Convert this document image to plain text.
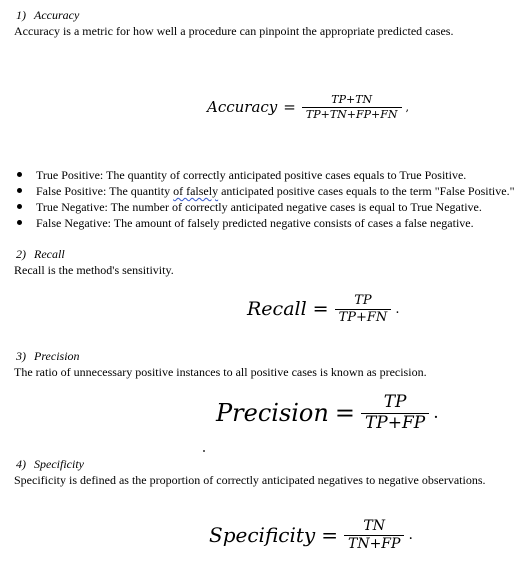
1) Accuracy
Accuracy is a metric for how well a procedure can pinpoint the appropriate predicted cases.
Accuracy = $\frac{TP+TN}{TP+TN+FP+FN}$ ,
True Positive: The quantity of correctly anticipated positive cases equals to True Positive.
False Positive: The quantity of falsely anticipated positive cases equals to the term "False Positive."
True Negative: The number of correctly anticipated negative cases is equal to True Negative.
False Negative: The amount of falsely predicted negative consists of cases a false negative.
2) Recall
Recall is the method's sensitivity.
Recall = $\frac{TP}{TP+FN}$ .
3) Precision
The ratio of unnecessary positive instances to all positive cases is known as precision.
Precision = $\frac{TP}{TP+FP}$ .
4) Specificity
Specificity is defined as the proportion of correctly anticipated negatives to negative observations.
Specificity = $\frac{TN}{TN+FP}$ .
